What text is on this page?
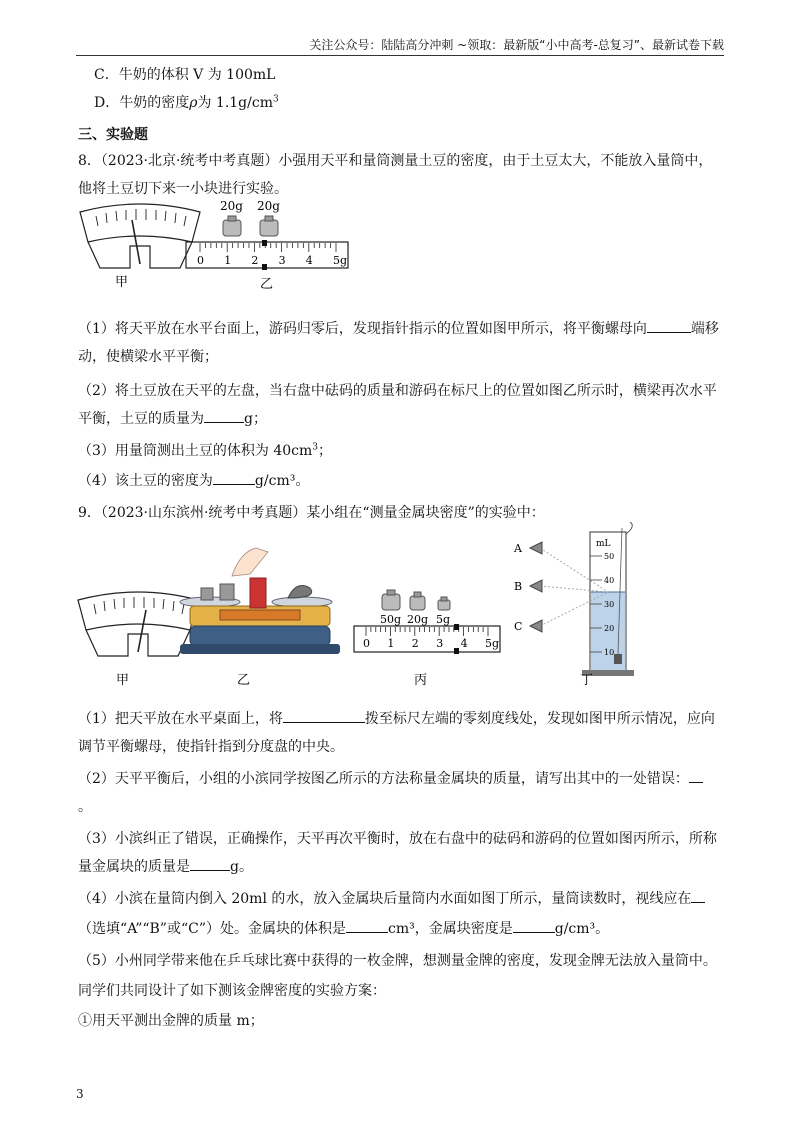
关注公众号：陆陆高分冲刺 ~领取：最新版“小中高考-总复习”、最新试卷下载
C．牛奶的体积 V 为 100mL
D．牛奶的密度ρ为 $1.1g/cm^3$
三、实验题
8．（2023·北京·统考中考真题）小强用天平和量筒测量土豆的密度，由于土豆太大，不能放入量筒中，
他将土豆切下来一小块进行实验。
甲
20g 20g
0 1 2 3 4 5g
乙
（1）将天平放在水平台面上，游码归零后，发现指针指示的位置如图甲所示，将平衡螺母向	端移
动，使横梁水平平衡；
（2）将土豆放在天平的左盘，当右盘中砝码的质量和游码在标尺上的位置如图乙所示时，横梁再次水平
平衡，土豆的质量为	g；
（3）用量筒测出土豆的体积为 $40cm^3$；
（4）该土豆的密度为	g/cm³。
9．（2023·山东滨州·统考中考真题）某小组在“测量金属块密度”的实验中：
甲	乙
50g 20g 5g
0 1 2 3 4 5g
丙
mL
50
40
30
20
10
A
B
C
丁
（1）把天平放在水平桌面上，将	拨至标尺左端的零刻度线处，发现如图甲所示情况，应向
调节平衡螺母，使指针指到分度盘的中央。
（2）天平平衡后，小组的小滨同学按图乙所示的方法称量金属块的质量，请写出其中的一处错误：
。
（3）小滨纠正了错误，正确操作，天平再次平衡时，放在右盘中的砝码和游码的位置如图丙所示，所称
量金属块的质量是	g。
（4）小滨在量筒内倒入 20ml 的水，放入金属块后量筒内水面如图丁所示，量筒读数时，视线应在
（选填“A”“B”或“C”）处。金属块的体积是	cm³，金属块密度是	g/cm³。
（5）小州同学带来他在乒乓球比赛中获得的一枚金牌，想测量金牌的密度，发现金牌无法放入量筒中。
同学们共同设计了如下测该金牌密度的实验方案：
①用天平测出金牌的质量 m；
3
